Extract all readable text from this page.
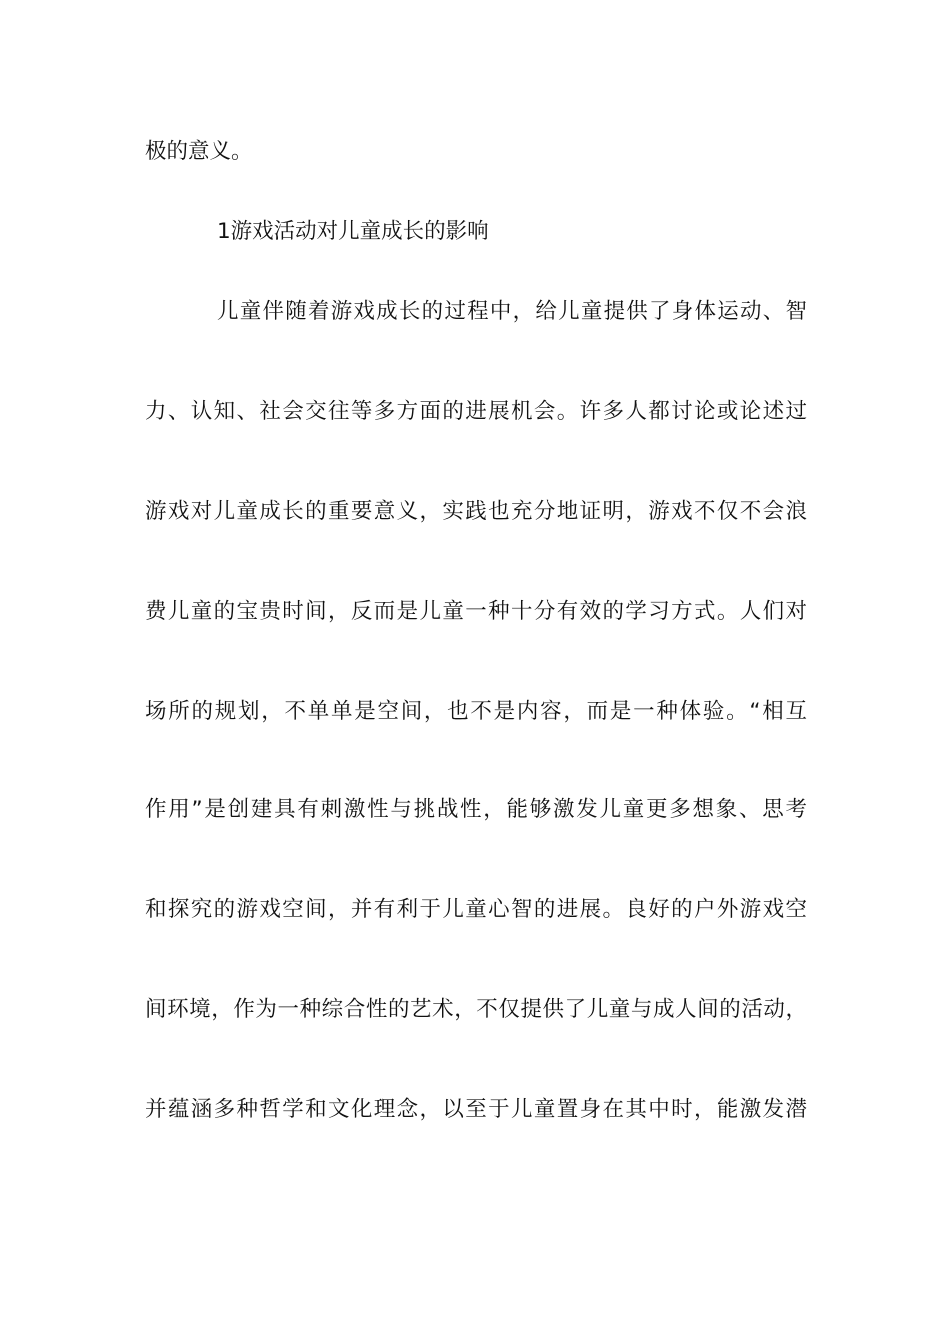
极的意义。
1游戏活动对儿童成长的影响
儿童伴随着游戏成长的过程中，给儿童提供了身体运动、智
力、认知、社会交往等多方面的进展机会。许多人都讨论或论述过
游戏对儿童成长的重要意义，实践也充分地证明，游戏不仅不会浪
费儿童的宝贵时间，反而是儿童一种十分有效的学习方式。人们对
场所的规划，不单单是空间，也不是内容，而是一种体验。“相互
作用”是创建具有刺激性与挑战性，能够激发儿童更多想象、思考
和探究的游戏空间，并有利于儿童心智的进展。良好的户外游戏空
间环境，作为一种综合性的艺术，不仅提供了儿童与成人间的活动，
并蕴涵多种哲学和文化理念，以至于儿童置身在其中时，能激发潜
